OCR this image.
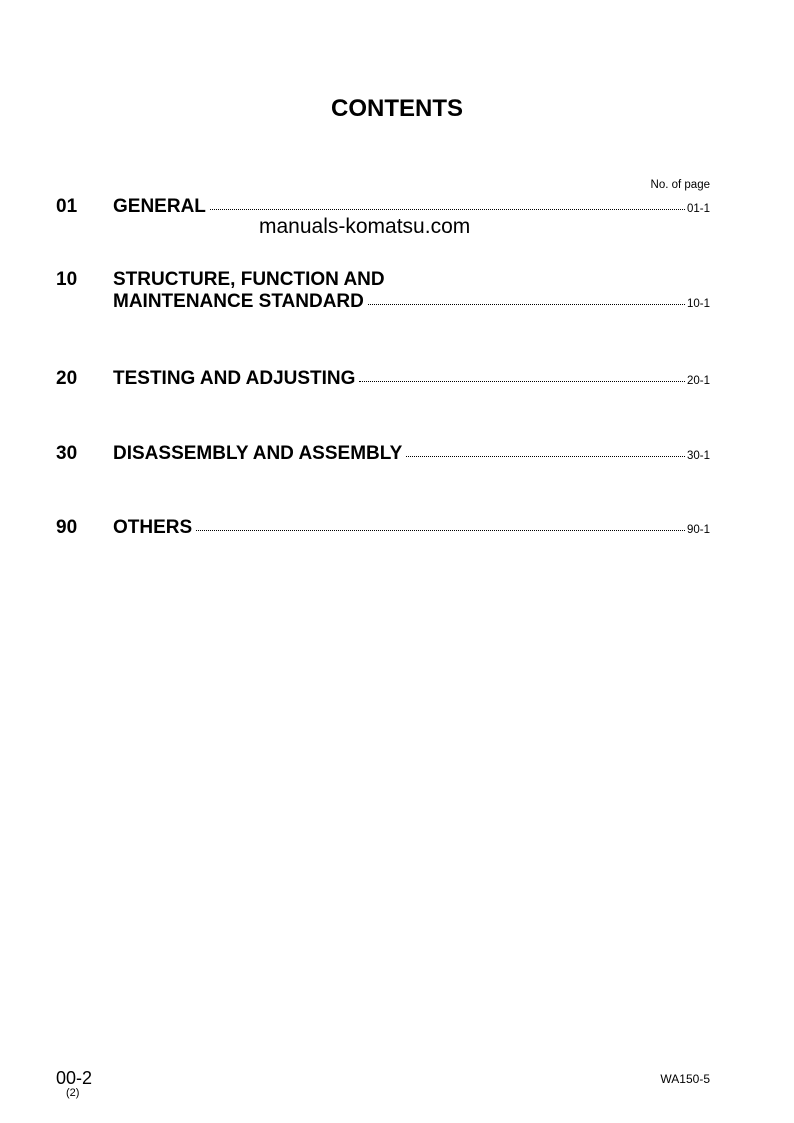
CONTENTS
No. of page
01 GENERAL	01-1
manuals-komatsu.com
10 STRUCTURE, FUNCTION AND
MAINTENANCE STANDARD	10-1
20 TESTING AND ADJUSTING	20-1
30 DISASSEMBLY AND ASSEMBLY	30-1
90 OTHERS	90-1
00-2
(2)
WA150-5
